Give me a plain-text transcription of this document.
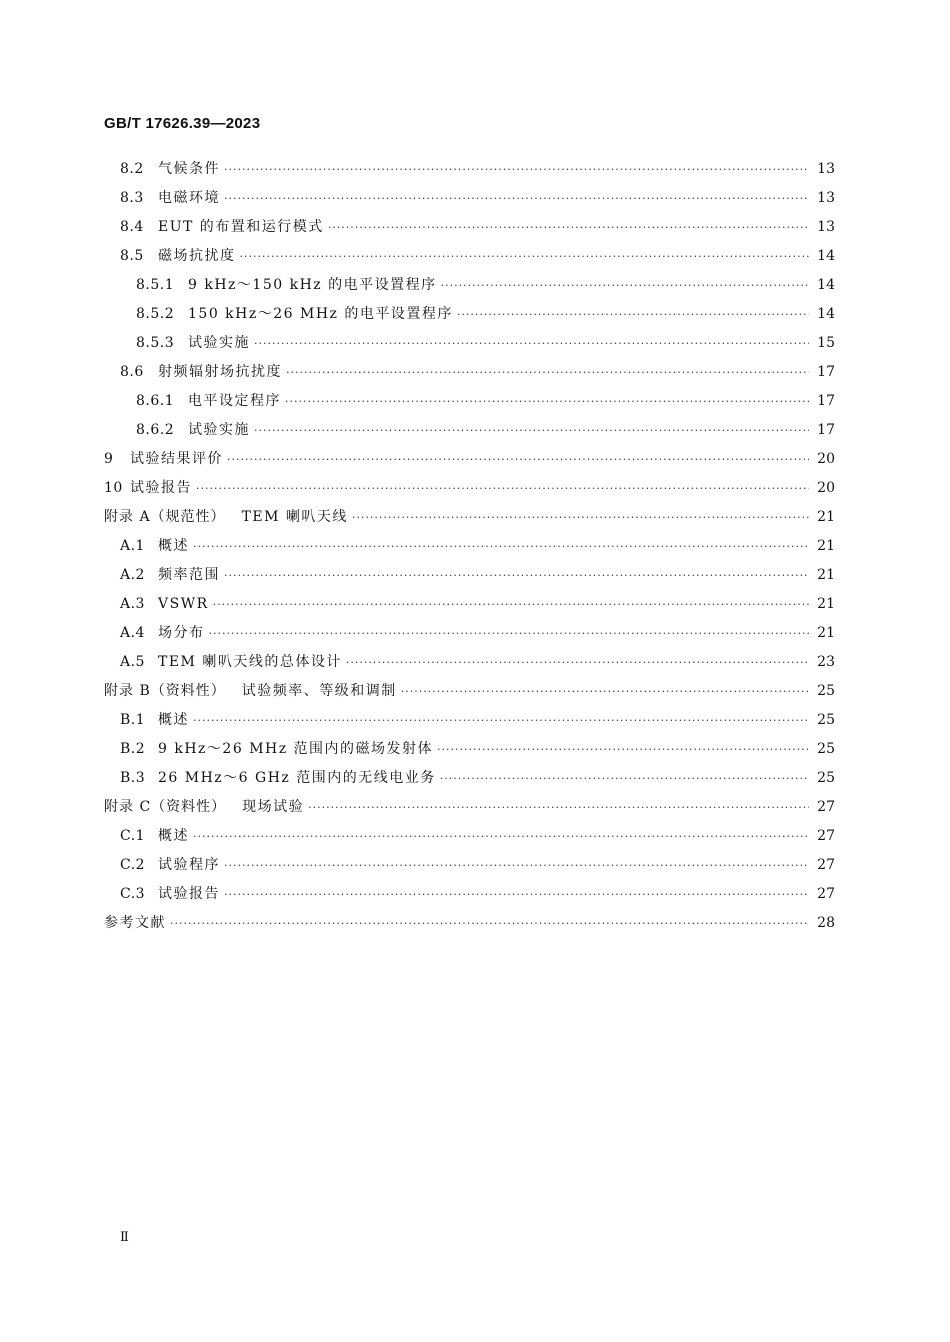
GB/T 17626.39—2023
8.2	气候条件 ·····	13
8.3	电磁环境 ·····	13
8.4	EUT 的布置和运行模式 ·····	13
8.5	磁场抗扰度 ·····	14
8.5.1 9 kHz～150 kHz 的电平设置程序 ·····	14
8.5.2 150 kHz～26 MHz 的电平设置程序 ·····	14
8.5.3 试验实施 ·····	15
8.6	射频辐射场抗扰度 ·····	17
8.6.1 电平设定程序 ·····	17
8.6.2 试验实施 ·····	17
9	试验结果评价 ·····	20
10 试验报告 ·····	20
附录 A（规范性）	TEM 喇叭天线 ·····	21
A.1 概述 ·····	21
A.2 频率范围 ·····	21
A.3 VSWR ·····	21
A.4 场分布 ·····	21
A.5 TEM 喇叭天线的总体设计 ·····	23
附录 B（资料性）	试验频率、等级和调制 ·····	25
B.1 概述 ·····	25
B.2 9 kHz～26 MHz 范围内的磁场发射体 ·····	25
B.3 26 MHz～6 GHz 范围内的无线电业务 ·····	25
附录 C（资料性）	现场试验 ·····	27
C.1 概述 ·····	27
C.2 试验程序 ·····	27
C.3 试验报告 ·····	27
参考文献 ·····	28
Ⅱ
